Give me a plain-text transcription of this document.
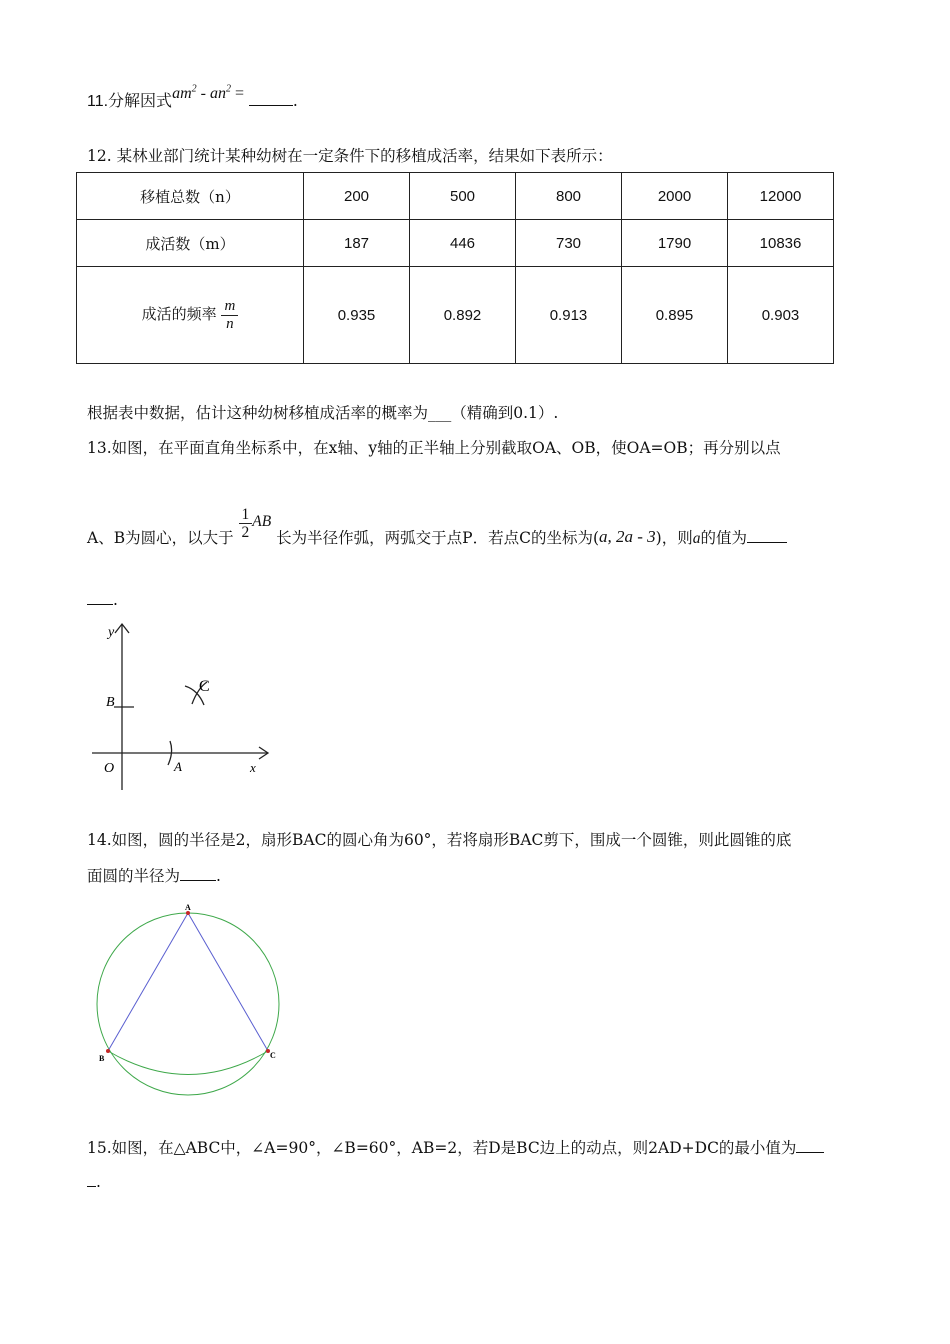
11.分解因式$am^2 - an^2$ =	.
12. 某林业部门统计某种幼树在一定条件下的移植成活率，结果如下表所示：
移植总数（n）	200	500	800	2000	12000
成活数（m）	187	446	730	1790	10836
成活的频率 $\frac{m}{n}$	0.935	0.892	0.913	0.895	0.903
根据表中数据，估计这种幼树移植成活率的概率为___（精确到0.1）.
13.如图，在平面直角坐标系中，在x轴、y轴的正半轴上分别截取OA、OB，使OA=OB；再分别以点
A、B为圆心，以大于 $\frac{1}{2}$ AB 长为半径作弧，两弧交于点P．若点C的坐标为(a, 2a - 3)，则a的值为
.
y
B
C
O	A	x
14.如图，圆的半径是2，扇形BAC的圆心角为60°，若将扇形BAC剪下，围成一个圆锥，则此圆锥的底
面圆的半径为 .
A
B	C
15.如图，在△ABC中，∠A=90°，∠B=60°，AB=2，若D是BC边上的动点，则2AD+DC的最小值为
.
